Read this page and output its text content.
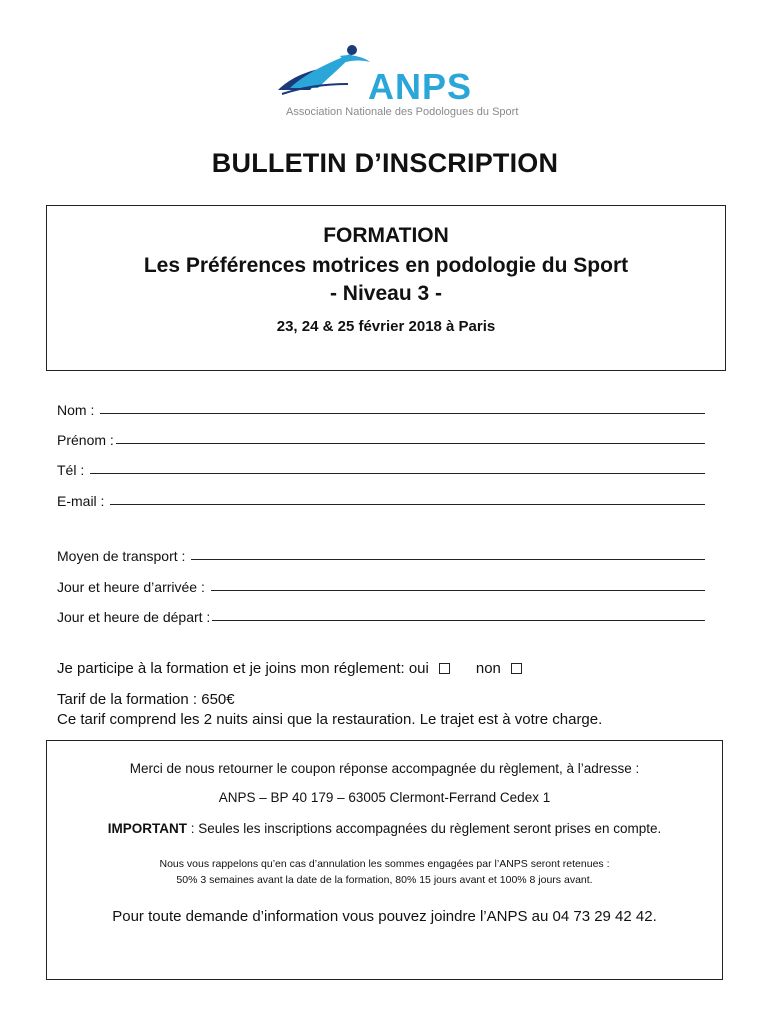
ANPS
Association Nationale des Podologues du Sport
BULLETIN D’INSCRIPTION
FORMATION
Les Préférences motrices en podologie du Sport
- Niveau 3 -
23, 24 & 25 février 2018 à Paris
Nom :
Prénom :
Tél :
E-mail :
Moyen de transport :
Jour et heure d’arrivée :
Jour et heure de départ :
Je participe à la formation et je joins mon réglement: oui	non
Tarif de la formation : 650€
Ce tarif comprend les 2 nuits ainsi que la restauration. Le trajet est à votre charge.
Merci de nous retourner le coupon réponse accompagnée du règlement, à l’adresse :
ANPS – BP 40 179 – 63005 Clermont-Ferrand Cedex 1
IMPORTANT : Seules les inscriptions accompagnées du règlement seront prises en compte.
Nous vous rappelons qu’en cas d’annulation les sommes engagées par l’ANPS seront retenues :
50% 3 semaines avant la date de la formation, 80% 15 jours avant et 100% 8 jours avant.
Pour toute demande d’information vous pouvez joindre l’ANPS au 04 73 29 42 42.
